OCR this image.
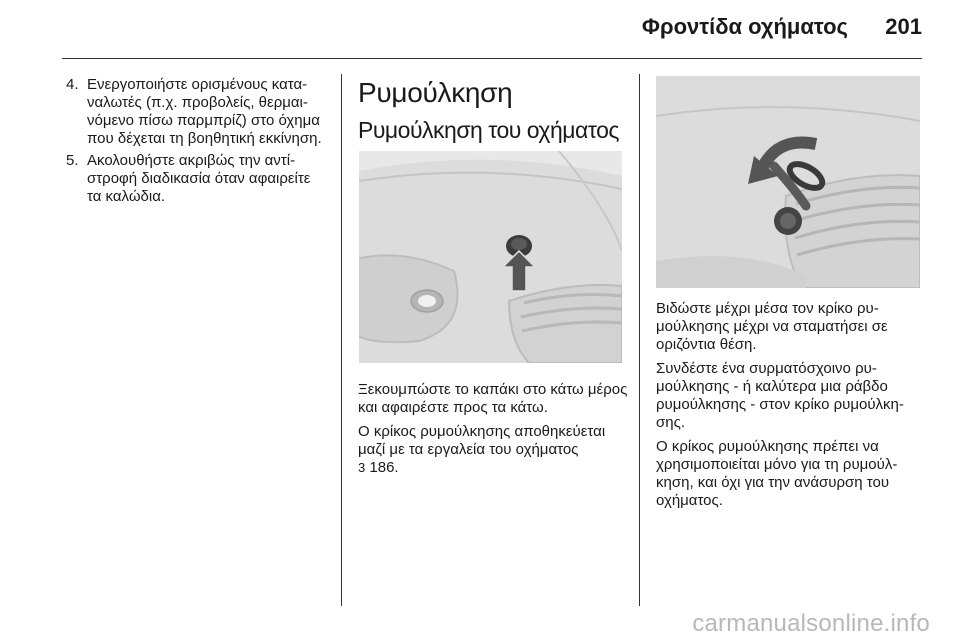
Φροντίδα οχήματος 201
4. Ενεργοποιήστε ορισμένους καταναλωτές (π.χ. προβολείς, θερμαινόμενο πίσω παρμπρίζ) στο όχημα που δέχεται τη βοηθητική εκκίνηση.
5. Ακολουθήστε ακριβώς την αντίστροφή διαδικασία όταν αφαιρείτε τα καλώδια.
Ρυμούλκηση
Ρυμούλκηση του οχήματος

Ξεκουμπώστε το καπάκι στο κάτω μέρος και αφαιρέστε προς τα κάτω.

Ο κρίκος ρυμούλκησης αποθηκεύεται μαζί με τα εργαλεία του οχήματος
3 186.

Βιδώστε μέχρι μέσα τον κρίκο ρυμούλκησης μέχρι να σταματήσει σε οριζόντια θέση.

Συνδέστε ένα συρματόσχοινο ρυμούλκησης - ή καλύτερα μια ράβδο ρυμούλκησης - στον κρίκο ρυμούλκησης.

Ο κρίκος ρυμούλκησης πρέπει να χρησιμοποιείται μόνο για τη ρυμούλκηση, και όχι για την ανάσυρση του οχήματος.

carmanualsonline.info
